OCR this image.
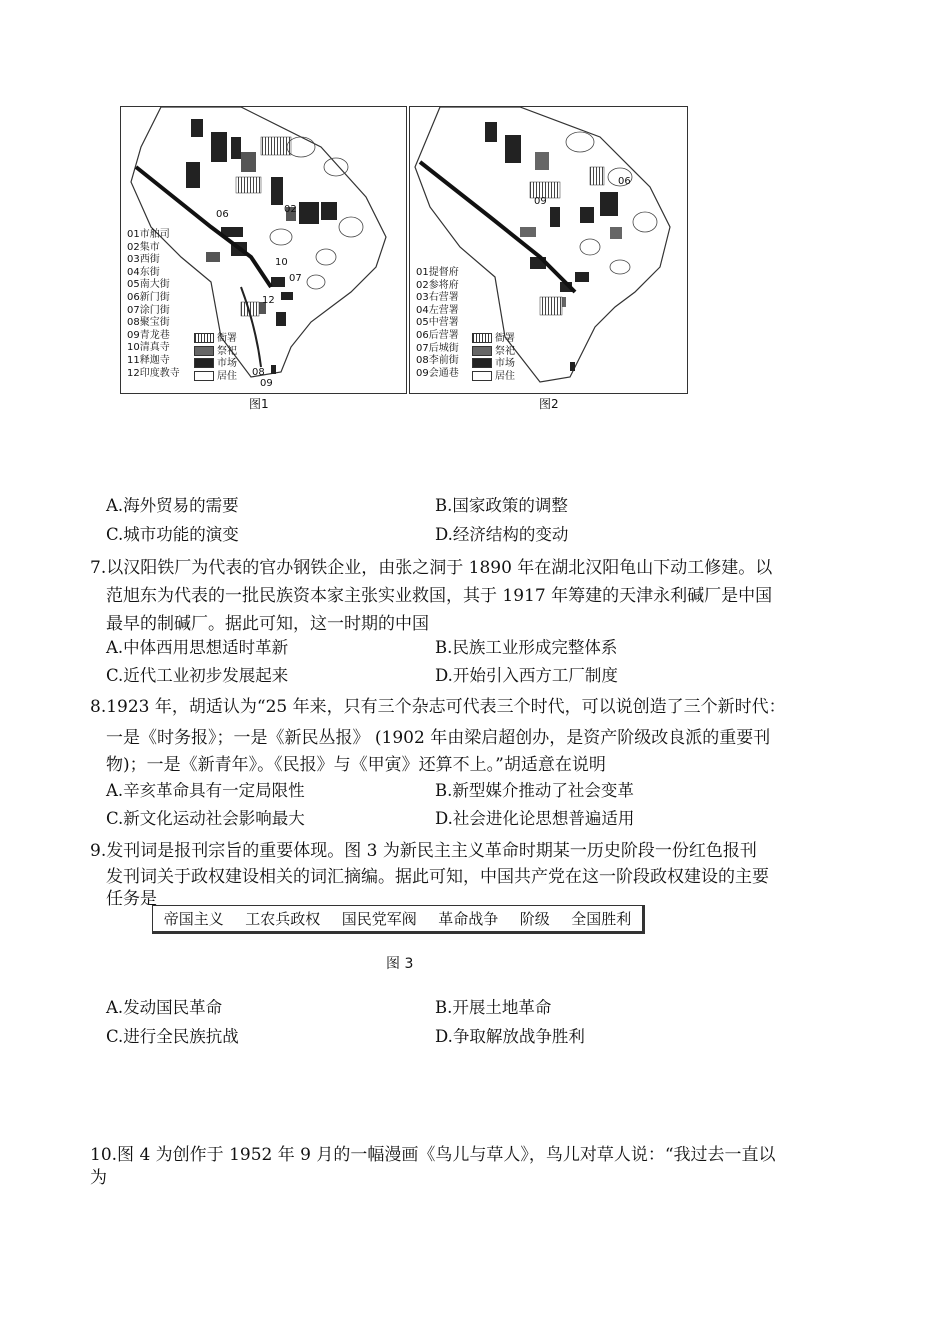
01市舶司
02集市
03西街
04东街
05南大街
06新门街
07涂门街
08聚宝街
09青龙巷
10清真寺
11释迦寺
12印度教寺
衙署
祭祀
市场
居住
06	02
10
07
12
08
09
图1
01提督府
02参将府
03右营署
04左营署
05中营署
06后营署
07后城街
08李前街
09会通巷
衙署
祭祀
市场
居住
06
09
图2
A.海外贸易的需要	B.国家政策的调整
C.城市功能的演变	D.经济结构的变动
7.以汉阳铁厂为代表的官办钢铁企业，由张之洞于 1890 年在湖北汉阳龟山下动工修建。以
范旭东为代表的一批民族资本家主张实业救国，其于 1917 年筹建的天津永利碱厂是中国
最早的制碱厂。据此可知，这一时期的中国
A.中体西用思想适时革新	B.民族工业形成完整体系
C.近代工业初步发展起来	D.开始引入西方工厂制度
8.1923 年，胡适认为“25 年来，只有三个杂志可代表三个时代，可以说创造了三个新时代：
一是《时务报》；一是《新民丛报》 (1902 年由梁启超创办，是资产阶级改良派的重要刊
物)；一是《新青年》。《民报》与《甲寅》还算不上。”胡适意在说明
A.辛亥革命具有一定局限性	B.新型媒介推动了社会变革
C.新文化运动社会影响最大	D.社会进化论思想普遍适用
9.发刊词是报刊宗旨的重要体现。图 3 为新民主主义革命时期某一历史阶段一份红色报刊
发刊词关于政权建设相关的词汇摘编。据此可知，中国共产党在这一阶段政权建设的主要
任务是
帝国主义 工农兵政权 国民党军阀 革命战争 阶级 全国胜利
图 3
A.发动国民革命	B.开展土地革命
C.进行全民族抗战	D.争取解放战争胜利
10.图 4 为创作于 1952 年 9 月的一幅漫画《鸟儿与草人》，鸟儿对草人说：“我过去一直以
为
